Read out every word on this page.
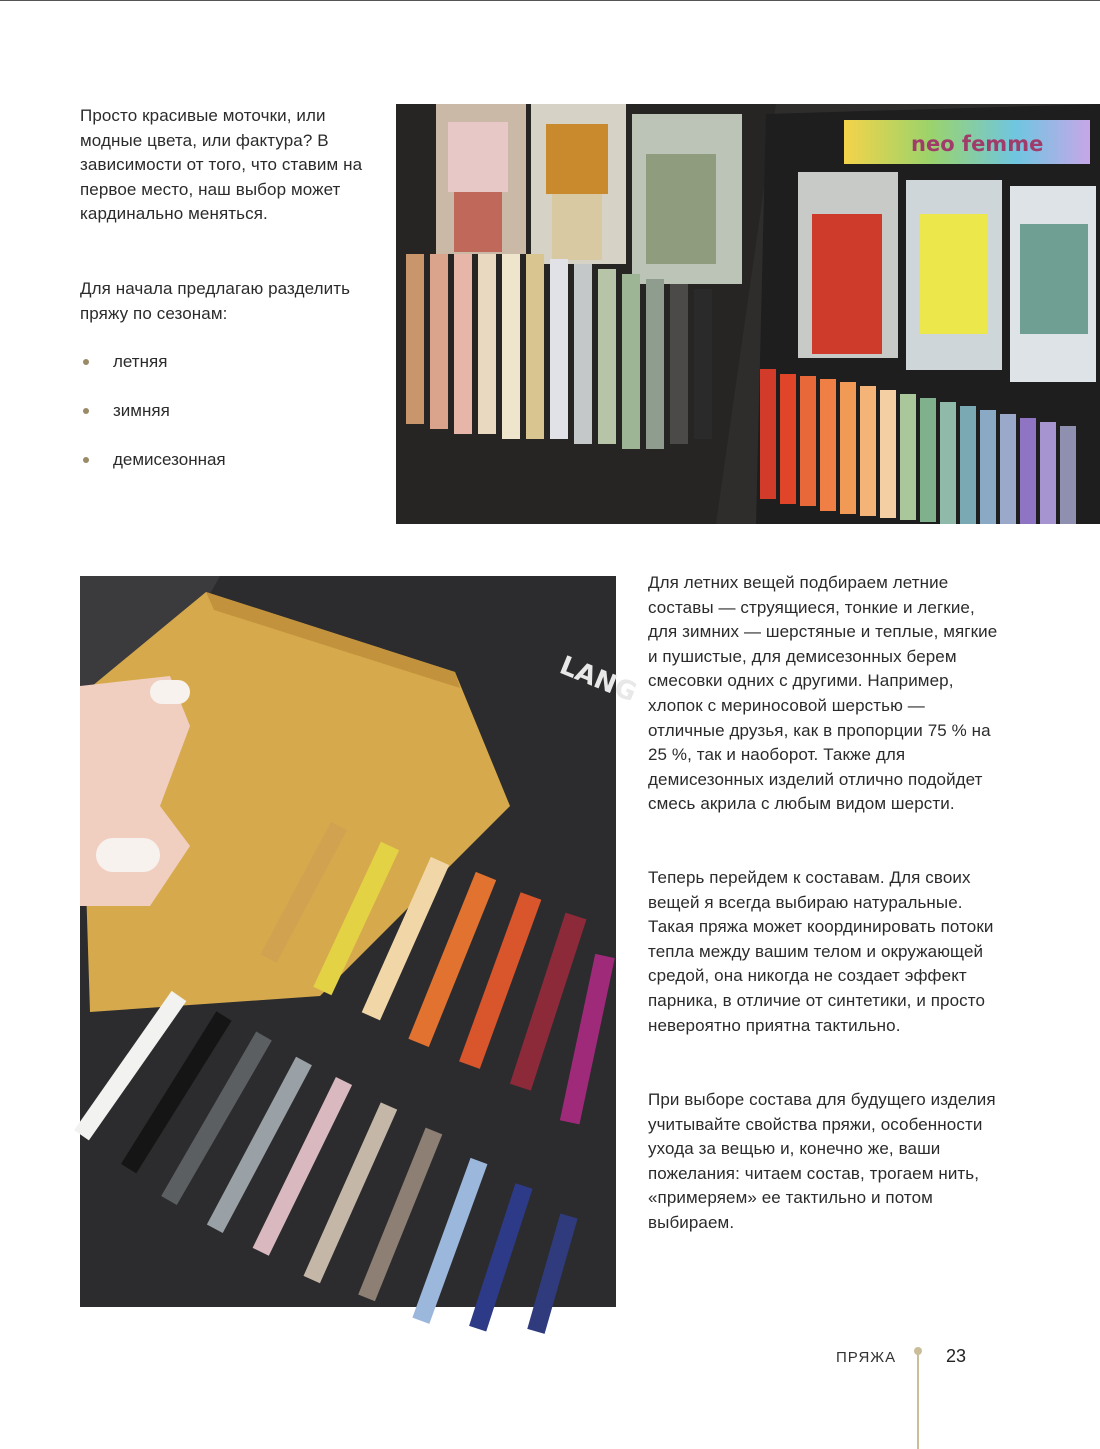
Просто красивые моточки, или модные цвета, или фактура? В зависимости от того, что ставим на первое место, наш выбор может кардинально меняться.

Для начала предлагаю разделить пряжу по сезонам:

летняя
зимняя
демисезонная
neo femme
LANG

Для летних вещей подбираем летние составы — струящиеся, тонкие и легкие, для зимних — шерстяные и теплые, мягкие и пушистые, для демисезонных берем смесовки одних с другими. Например, хлопок с мериносовой шерстью — отличные друзья, как в пропорции 75 % на 25 %, так и наоборот. Также для демисезонных изделий отлично подойдет смесь акрила с любым видом шерсти.

Теперь перейдем к составам. Для своих вещей я всегда выбираю натуральные. Такая пряжа может координировать потоки тепла между вашим телом и окружающей средой, она никогда не создает эффект парника, в отличие от синтетики, и просто невероятно приятна тактильно.

При выборе состава для будущего изделия учитывайте свойства пряжи, особенности ухода за вещью и, конечно же, ваши пожелания: читаем состав, трогаем нить, «примеряем» ее тактильно и потом выбираем.

ПРЯЖА	23
